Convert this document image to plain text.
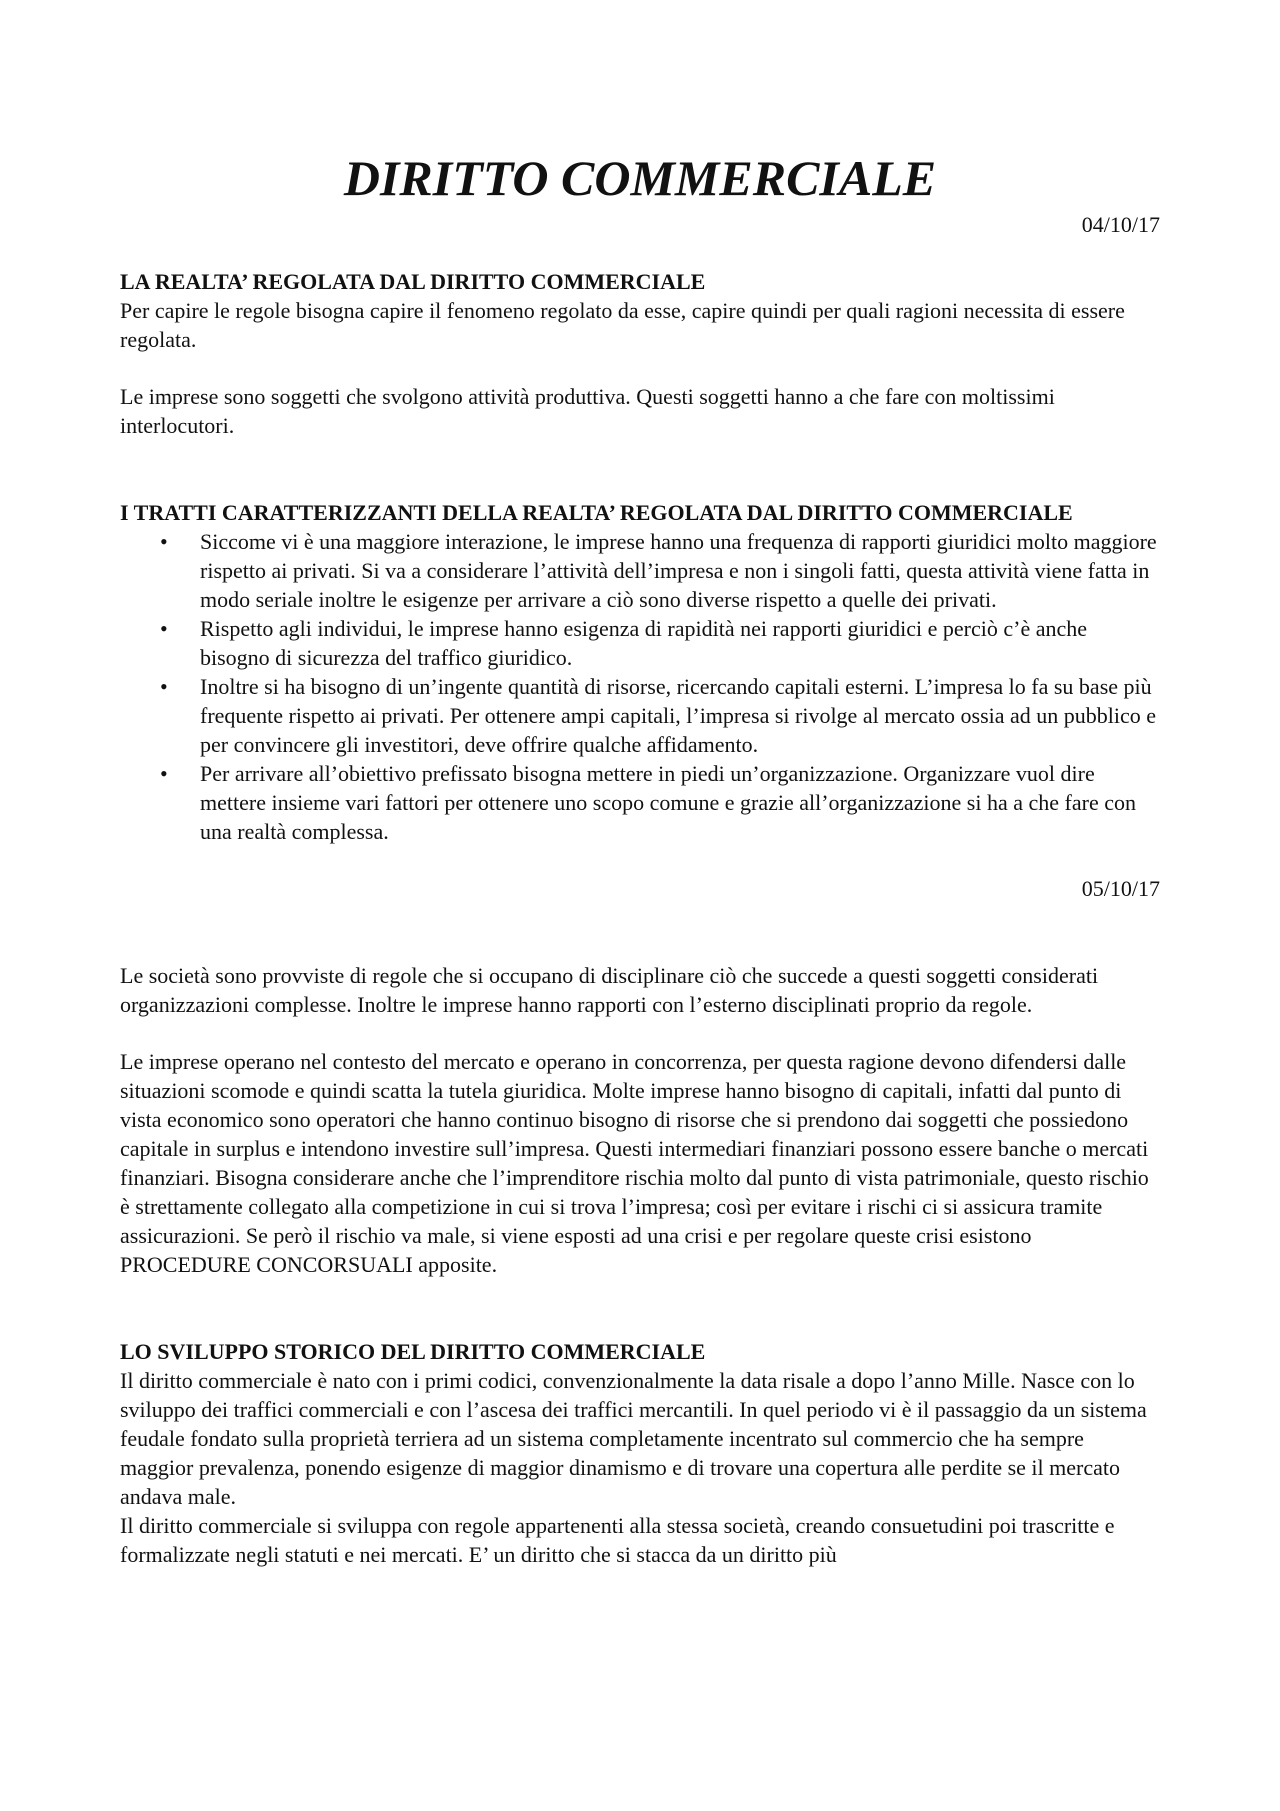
DIRITTO COMMERCIALE

04/10/17

LA REALTA’ REGOLATA DAL DIRITTO COMMERCIALE

Per capire le regole bisogna capire il fenomeno regolato da esse, capire quindi per quali ragioni necessita di essere regolata.

Le imprese sono soggetti che svolgono attività produttiva. Questi soggetti hanno a che fare con moltissimi interlocutori.

I TRATTI CARATTERIZZANTI DELLA REALTA’ REGOLATA DAL DIRITTO COMMERCIALE

• Siccome vi è una maggiore interazione, le imprese hanno una frequenza di rapporti giuridici molto maggiore rispetto ai privati. Si va a considerare l’attività dell’impresa e non i singoli fatti, questa attività viene fatta in modo seriale inoltre le esigenze per arrivare a ciò sono diverse rispetto a quelle dei privati.
• Rispetto agli individui, le imprese hanno esigenza di rapidità nei rapporti giuridici e perciò c’è anche bisogno di sicurezza del traffico giuridico.
• Inoltre si ha bisogno di un’ingente quantità di risorse, ricercando capitali esterni. L’impresa lo fa su base più frequente rispetto ai privati. Per ottenere ampi capitali, l’impresa si rivolge al mercato ossia ad un pubblico e per convincere gli investitori, deve offrire qualche affidamento.
• Per arrivare all’obiettivo prefissato bisogna mettere in piedi un’organizzazione. Organizzare vuol dire mettere insieme vari fattori per ottenere uno scopo comune e grazie all’organizzazione si ha a che fare con una realtà complessa.

05/10/17

Le società sono provviste di regole che si occupano di disciplinare ciò che succede a questi soggetti considerati organizzazioni complesse. Inoltre le imprese hanno rapporti con l’esterno disciplinati proprio da regole.

Le imprese operano nel contesto del mercato e operano in concorrenza, per questa ragione devono difendersi dalle situazioni scomode e quindi scatta la tutela giuridica. Molte imprese hanno bisogno di capitali, infatti dal punto di vista economico sono operatori che hanno continuo bisogno di risorse che si prendono dai soggetti che possiedono capitale in surplus e intendono investire sull’impresa. Questi intermediari finanziari possono essere banche o mercati finanziari. Bisogna considerare anche che l’imprenditore rischia molto dal punto di vista patrimoniale, questo rischio è strettamente collegato alla competizione in cui si trova l’impresa; così per evitare i rischi ci si assicura tramite assicurazioni. Se però il rischio va male, si viene esposti ad una crisi e per regolare queste crisi esistono PROCEDURE CONCORSUALI apposite.

LO SVILUPPO STORICO DEL DIRITTO COMMERCIALE

Il diritto commerciale è nato con i primi codici, convenzionalmente la data risale a dopo l’anno Mille. Nasce con lo sviluppo dei traffici commerciali e con l’ascesa dei traffici mercantili. In quel periodo vi è il passaggio da un sistema feudale fondato sulla proprietà terriera ad un sistema completamente incentrato sul commercio che ha sempre maggior prevalenza, ponendo esigenze di maggior dinamismo e di trovare una copertura alle perdite se il mercato andava male.

Il diritto commerciale si sviluppa con regole appartenenti alla stessa società, creando consuetudini poi trascritte e formalizzate negli statuti e nei mercati. E’ un diritto che si stacca da un diritto più
